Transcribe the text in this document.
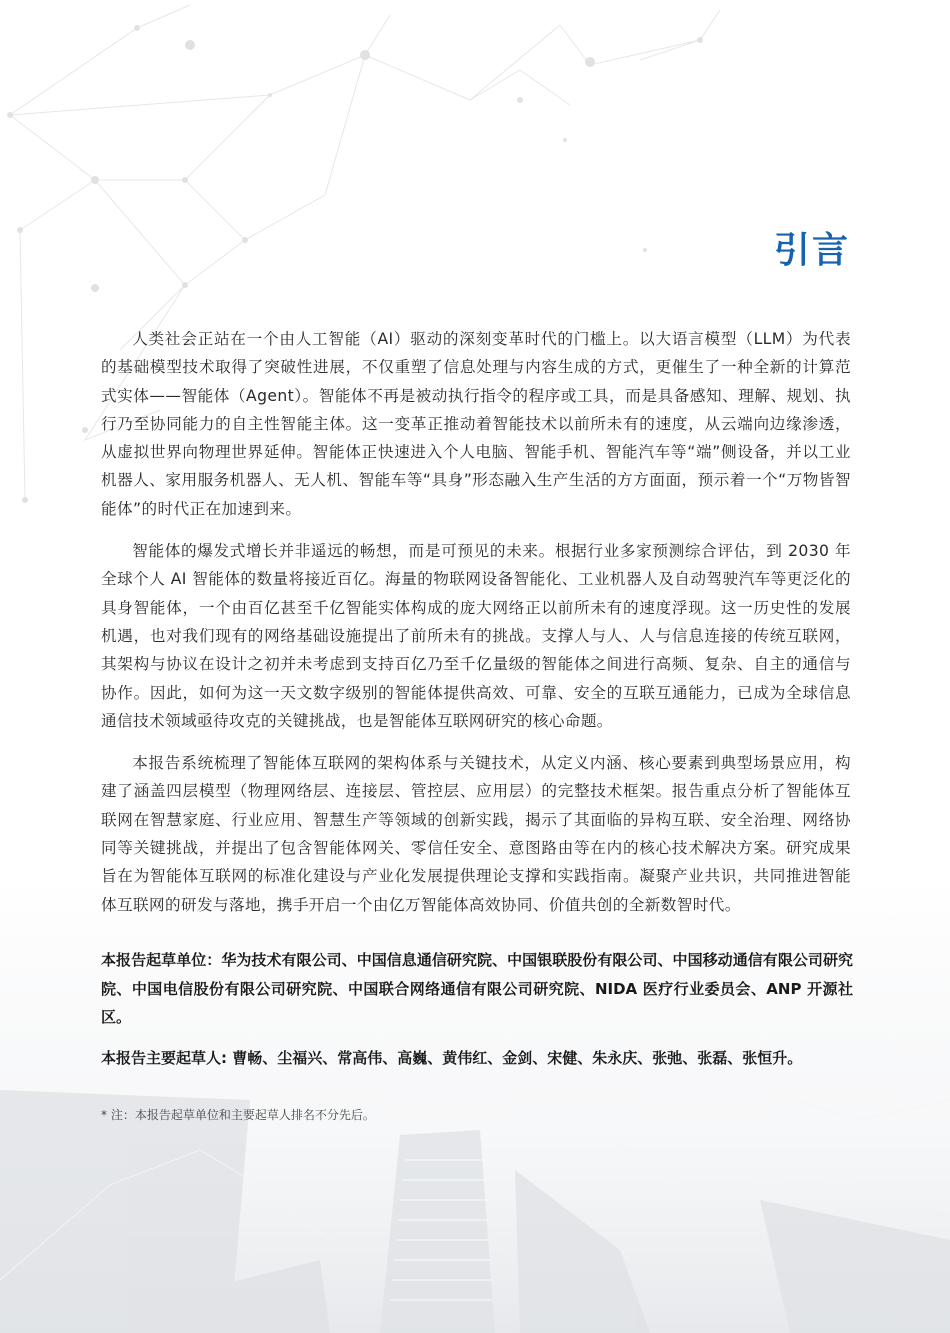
引言

人类社会正站在一个由人工智能（AI）驱动的深刻变革时代的门槛上。以大语言模型（LLM）为代表的基础模型技术取得了突破性进展，不仅重塑了信息处理与内容生成的方式，更催生了一种全新的计算范式实体——智能体（Agent）。智能体不再是被动执行指令的程序或工具，而是具备感知、理解、规划、执行乃至协同能力的自主性智能主体。这一变革正推动着智能技术以前所未有的速度，从云端向边缘渗透，从虚拟世界向物理世界延伸。智能体正快速进入个人电脑、智能手机、智能汽车等“端”侧设备，并以工业机器人、家用服务机器人、无人机、智能车等“具身”形态融入生产生活的方方面面，预示着一个“万物皆智能体”的时代正在加速到来。

智能体的爆发式增长并非遥远的畅想，而是可预见的未来。根据行业多家预测综合评估，到 2030 年全球个人 AI 智能体的数量将接近百亿。海量的物联网设备智能化、工业机器人及自动驾驶汽车等更泛化的具身智能体，一个由百亿甚至千亿智能实体构成的庞大网络正以前所未有的速度浮现。这一历史性的发展机遇，也对我们现有的网络基础设施提出了前所未有的挑战。支撑人与人、人与信息连接的传统互联网，其架构与协议在设计之初并未考虑到支持百亿乃至千亿量级的智能体之间进行高频、复杂、自主的通信与协作。因此，如何为这一天文数字级别的智能体提供高效、可靠、安全的互联互通能力，已成为全球信息通信技术领域亟待攻克的关键挑战，也是智能体互联网研究的核心命题。

本报告系统梳理了智能体互联网的架构体系与关键技术，从定义内涵、核心要素到典型场景应用，构建了涵盖四层模型（物理网络层、连接层、管控层、应用层）的完整技术框架。报告重点分析了智能体互联网在智慧家庭、行业应用、智慧生产等领域的创新实践，揭示了其面临的异构互联、安全治理、网络协同等关键挑战，并提出了包含智能体网关、零信任安全、意图路由等在内的核心技术解决方案。研究成果旨在为智能体互联网的标准化建设与产业化发展提供理论支撑和实践指南。凝聚产业共识，共同推进智能体互联网的研发与落地，携手开启一个由亿万智能体高效协同、价值共创的全新数智时代。

本报告起草单位：华为技术有限公司、中国信息通信研究院、中国银联股份有限公司、中国移动通信有限公司研究院、中国电信股份有限公司研究院、中国联合网络通信有限公司研究院、NIDA 医疗行业委员会、ANP 开源社区。

本报告主要起草人: 曹畅、尘福兴、常高伟、高巍、黄伟红、金剑、宋健、朱永庆、张弛、张磊、张恒升。

* 注：本报告起草单位和主要起草人排名不分先后。
